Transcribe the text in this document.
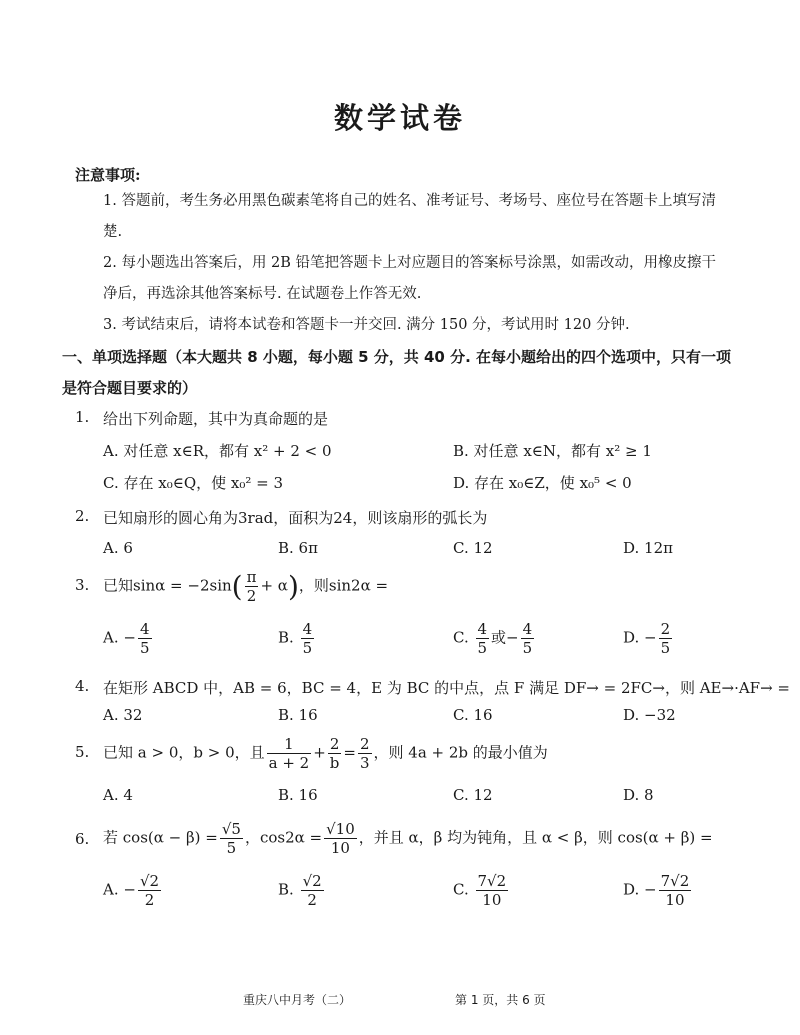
数学试卷
注意事项:
1. 答题前，考生务必用黑色碳素笔将自己的姓名、准考证号、考场号、座位号在答题卡上填写清楚.
2. 每小题选出答案后，用 2B 铅笔把答题卡上对应题目的答案标号涂黑，如需改动，用橡皮擦干净后，再选涂其他答案标号. 在试题卷上作答无效.
3. 考试结束后，请将本试卷和答题卡一并交回. 满分 150 分，考试用时 120 分钟.
一、单项选择题（本大题共 8 小题，每小题 5 分，共 40 分. 在每小题给出的四个选项中，只有一项是符合题目要求的）
1. 给出下列命题，其中为真命题的是
A. 对任意 x∈R，都有 x² + 2 < 0	B. 对任意 x∈N，都有 x² ≥ 1
C. 存在 x₀∈Q，使 x₀² = 3	D. 存在 x₀∈Z，使 x₀⁵ < 0
2. 已知扇形的圆心角为3rad，面积为24，则该扇形的弧长为
A. 6	B. 6π	C. 12	D. 12π
3. 已知$\sin\alpha = -2\sin( \frac{\pi}{2} + \alpha)$，则sin2α =
A. − $\frac{4}{5}$	B. $\frac{4}{5}$	C. $\frac{4}{5}$ 或− $\frac{4}{5}$	D. − $\frac{2}{5}$
4. 在矩形 ABCD 中，AB = 6，BC = 4，E 为 BC 的中点，点 F 满足 DF→ = 2FC→，则 AE→·AF→ =
A. 32	B. 16	C. 16	D. −32
5. 已知 a > 0，b > 0，且 $\frac{1}{a + 2} + \frac{2}{b} = \frac{2}{3}$ ，则 4a + 2b 的最小值为
A. 4	B. 16	C. 12	D. 8
6. 若 $\cos(\alpha - \beta) = \frac{√5}{5}$ ，$\cos 2\alpha = \frac{√10}{10}$ ，并且 α，β 均为钝角，且 α < β，则 cos(α + β) =
A. − $\frac{√2}{2}$	B. $\frac{√2}{2}$	C. $\frac{7√2}{10}$	D. − $\frac{7√2}{10}$
重庆八中月考（二）	第 1 页，共 6 页
